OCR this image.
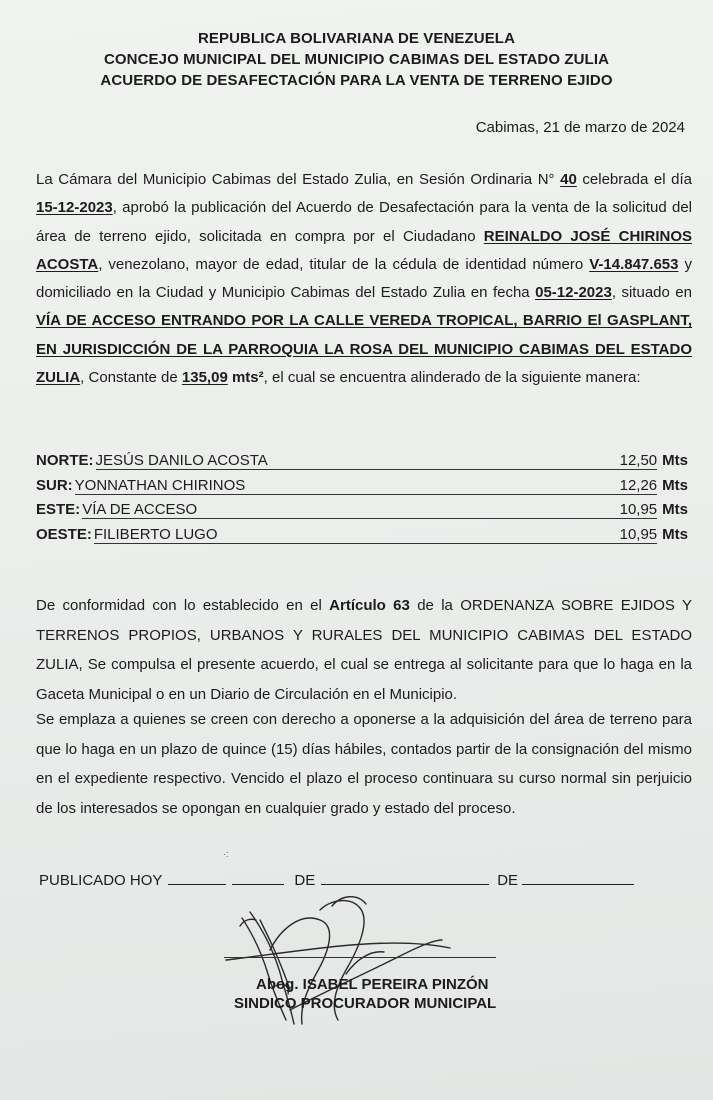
REPUBLICA BOLIVARIANA DE VENEZUELA
CONCEJO MUNICIPAL DEL MUNICIPIO CABIMAS DEL ESTADO ZULIA
ACUERDO DE DESAFECTACIÓN PARA LA VENTA DE TERRENO EJIDO
Cabimas, 21 de marzo de 2024
La Cámara del Municipio Cabimas del Estado Zulia, en Sesión Ordinaria N° 40 celebrada el día 15-12-2023, aprobó la publicación del Acuerdo de Desafectación para la venta de la solicitud del área de terreno ejido, solicitada en compra por el Ciudadano REINALDO JOSÉ CHIRINOS ACOSTA, venezolano, mayor de edad, titular de la cédula de identidad número V-14.847.653 y domiciliado en la Ciudad y Municipio Cabimas del Estado Zulia en fecha 05-12-2023, situado en VÍA DE ACCESO ENTRANDO POR LA CALLE VEREDA TROPICAL, BARRIO El GASPLANT, EN JURISDICCIÓN DE LA PARROQUIA LA ROSA DEL MUNICIPIO CABIMAS DEL ESTADO ZULIA, Constante de 135,09 mts², el cual se encuentra alinderado de la siguiente manera:
NORTE: JESÚS DANILO ACOSTA	12,50 Mts
SUR: YONNATHAN CHIRINOS	12,26 Mts
ESTE: VÍA DE ACCESO	10,95 Mts
OESTE: FILIBERTO LUGO	10,95 Mts
De conformidad con lo establecido en el Artículo 63 de la ORDENANZA SOBRE EJIDOS Y TERRENOS PROPIOS, URBANOS Y RURALES DEL MUNICIPIO CABIMAS DEL ESTADO ZULIA, Se compulsa el presente acuerdo, el cual se entrega al solicitante para que lo haga en la Gaceta Municipal o en un Diario de Circulación en el Municipio.
Se emplaza a quienes se creen con derecho a oponerse a la adquisición del área de terreno para que lo haga en un plazo de quince (15) días hábiles, contados partir de la consignación del mismo en el expediente respectivo. Vencido el plazo el proceso continuara su curso normal sin perjuicio de los interesados se opongan en cualquier grado y estado del proceso.
PUBLICADO HOY	DE	DE
·:
Abog. ISABEL PEREIRA PINZÓN
SINDICO PROCURADOR MUNICIPAL
